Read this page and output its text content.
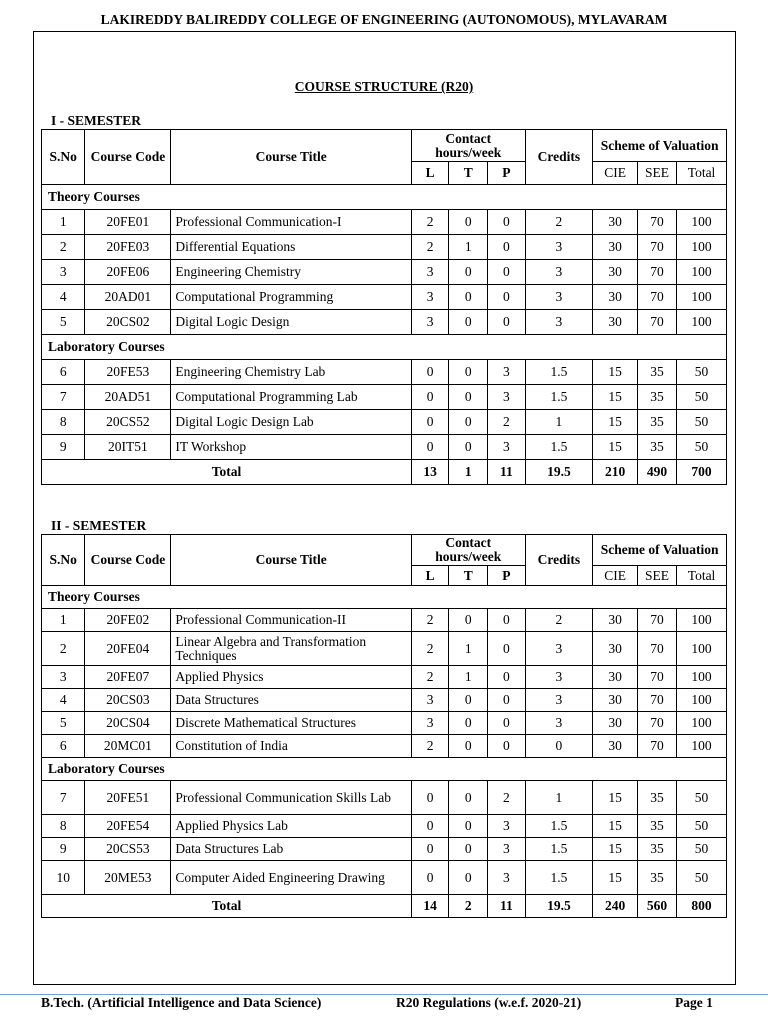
LAKIREDDY BALIREDDY COLLEGE OF ENGINEERING (AUTONOMOUS), MYLAVARAM
COURSE STRUCTURE (R20)
I - SEMESTER
S.No	Course Code	Course Title	Contact hours/week			Credits	Scheme of Valuation		
			L	T	P		CIE	SEE	Total
Theory Courses									
1	20FE01	Professional Communication-I	2	0	0	2	30	70	100
2	20FE03	Differential Equations	2	1	0	3	30	70	100
3	20FE06	Engineering Chemistry	3	0	0	3	30	70	100
4	20AD01	Computational Programming	3	0	0	3	30	70	100
5	20CS02	Digital Logic Design	3	0	0	3	30	70	100
Laboratory Courses									
6	20FE53	Engineering Chemistry Lab	0	0	3	1.5	15	35	50
7	20AD51	Computational Programming Lab	0	0	3	1.5	15	35	50
8	20CS52	Digital Logic Design Lab	0	0	2	1	15	35	50
9	20IT51	IT Workshop	0	0	3	1.5	15	35	50
Total			13	1	11	19.5	210	490	700
II - SEMESTER
S.No	Course Code	Course Title	Contact hours/week			Credits	Scheme of Valuation		
			L	T	P		CIE	SEE	Total
Theory Courses									
1	20FE02	Professional Communication-II	2	0	0	2	30	70	100
2	20FE04	Linear Algebra and Transformation Techniques	2	1	0	3	30	70	100
3	20FE07	Applied Physics	2	1	0	3	30	70	100
4	20CS03	Data Structures	3	0	0	3	30	70	100
5	20CS04	Discrete Mathematical Structures	3	0	0	3	30	70	100
6	20MC01	Constitution of India	2	0	0	0	30	70	100
Laboratory Courses									
7	20FE51	Professional Communication Skills Lab	0	0	2	1	15	35	50
8	20FE54	Applied Physics Lab	0	0	3	1.5	15	35	50
9	20CS53	Data Structures Lab	0	0	3	1.5	15	35	50
10	20ME53	Computer Aided Engineering Drawing	0	0	3	1.5	15	35	50
Total			14	2	11	19.5	240	560	800
B.Tech. (Artificial Intelligence and Data Science)	R20 Regulations (w.e.f. 2020-21)	Page 1
